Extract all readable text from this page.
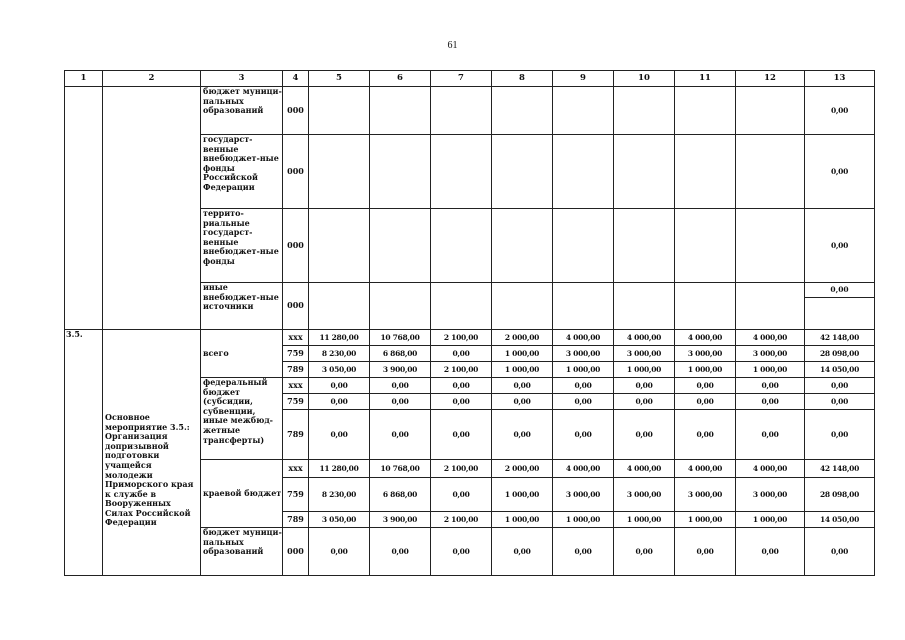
61
1	2	3	4	5	6	7	8	9	10	11	12	13
		бюджет муници-пальных образований	000									0,00
		государст-венные внебюджет-ные фонды Российской Федерации	000									0,00
		террито-риальные государст-венные внебюджет-ные фонды	000									0,00
		иные внебюджет-ные источники	000									0,00

3.5.	Основное мероприятие 3.5.: Организация допризывной подготовки учащейся молодежи Приморского края к службе в Вооруженных Силах Российской Федерации	всего	ххх	11 280,00	10 768,00	2 100,00	2 000,00	4 000,00	4 000,00	4 000,00	4 000,00	42 148,00
			759	8 230,00	6 868,00	0,00	1 000,00	3 000,00	3 000,00	3 000,00	3 000,00	28 098,00
			789	3 050,00	3 900,00	2 100,00	1 000,00	1 000,00	1 000,00	1 000,00	1 000,00	14 050,00
		федеральный бюджет (субсидии, субвенции, иные межбюд-жетные трансферты)	ххх	0,00	0,00	0,00	0,00	0,00	0,00	0,00	0,00	0,00
			759	0,00	0,00	0,00	0,00	0,00	0,00	0,00	0,00	0,00
			789	0,00	0,00	0,00	0,00	0,00	0,00	0,00	0,00	0,00
		краевой бюджет	ххх	11 280,00	10 768,00	2 100,00	2 000,00	4 000,00	4 000,00	4 000,00	4 000,00	42 148,00
			759	8 230,00	6 868,00	0,00	1 000,00	3 000,00	3 000,00	3 000,00	3 000,00	28 098,00
			789	3 050,00	3 900,00	2 100,00	1 000,00	1 000,00	1 000,00	1 000,00	1 000,00	14 050,00
		бюджет муници-пальных образований	000	0,00	0,00	0,00	0,00	0,00	0,00	0,00	0,00	0,00
